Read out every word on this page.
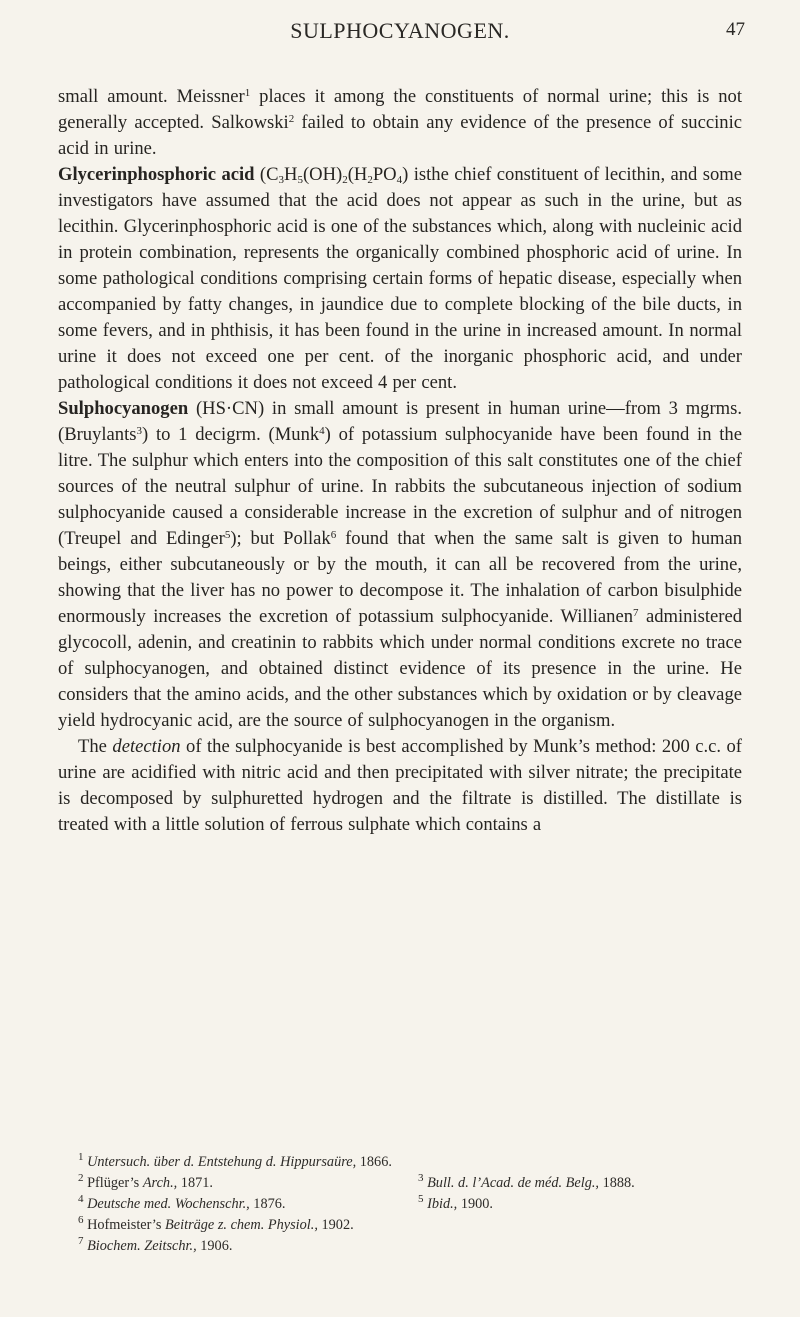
SULPHOCYANOGEN.	47

small amount. Meissner$^1$ places it among the constituents of normal urine; this is not generally accepted. Salkowski$^2$ failed to obtain any evidence of the presence of succinic acid in urine.

Glycerinphosphoric acid ($C_3H_5(OH)_2(H_2PO_4)$ isthe chief constituent of lecithin, and some investigators have assumed that the acid does not appear as such in the urine, but as lecithin. Glycerinphosphoric acid is one of the substances which, along with nucleinic acid in protein combination, represents the organically combined phosphoric acid of urine. In some pathological conditions comprising certain forms of hepatic disease, especially when accompanied by fatty changes, in jaundice due to complete blocking of the bile ducts, in some fevers, and in phthisis, it has been found in the urine in increased amount. In normal urine it does not exceed one per cent. of the inorganic phosphoric acid, and under pathological conditions it does not exceed 4 per cent.

Sulphocyanogen (HS·CN) in small amount is present in human urine—from 3 mgrms. (Bruylants$^3$) to 1 decigrm. (Munk$^4$) of potassium sulphocyanide have been found in the litre. The sulphur which enters into the composition of this salt constitutes one of the chief sources of the neutral sulphur of urine. In rabbits the subcutaneous injection of sodium sulphocyanide caused a considerable increase in the excretion of sulphur and of nitrogen (Treupel and Edinger$^5$); but Pollak$^6$ found that when the same salt is given to human beings, either subcutaneously or by the mouth, it can all be recovered from the urine, showing that the liver has no power to decompose it. The inhalation of carbon bisulphide enormously increases the excretion of potassium sulphocyanide. Willianen$^7$ administered glycocoll, adenin, and creatinin to rabbits which under normal conditions excrete no trace of sulphocyanogen, and obtained distinct evidence of its presence in the urine. He considers that the amino acids, and the other substances which by oxidation or by cleavage yield hydrocyanic acid, are the source of sulphocyanogen in the organism.

The detection of the sulphocyanide is best accomplished by Munk’s method: 200 c.c. of urine are acidified with nitric acid and then precipitated with silver nitrate; the precipitate is decomposed by sulphuretted hydrogen and the filtrate is distilled. The distillate is treated with a little solution of ferrous sulphate which contains a

$^1$ Untersuch. über d. Entstehung d. Hippursaüre, 1866.
$^2$ Pflüger’s Arch., 1871.	$^3$ Bull. d. l’Acad. de méd. Belg., 1888.
$^4$ Deutsche med. Wochenschr., 1876.	$^5$ Ibid., 1900.
$^6$ Hofmeister’s Beiträge z. chem. Physiol., 1902.
$^7$ Biochem. Zeitschr., 1906.
